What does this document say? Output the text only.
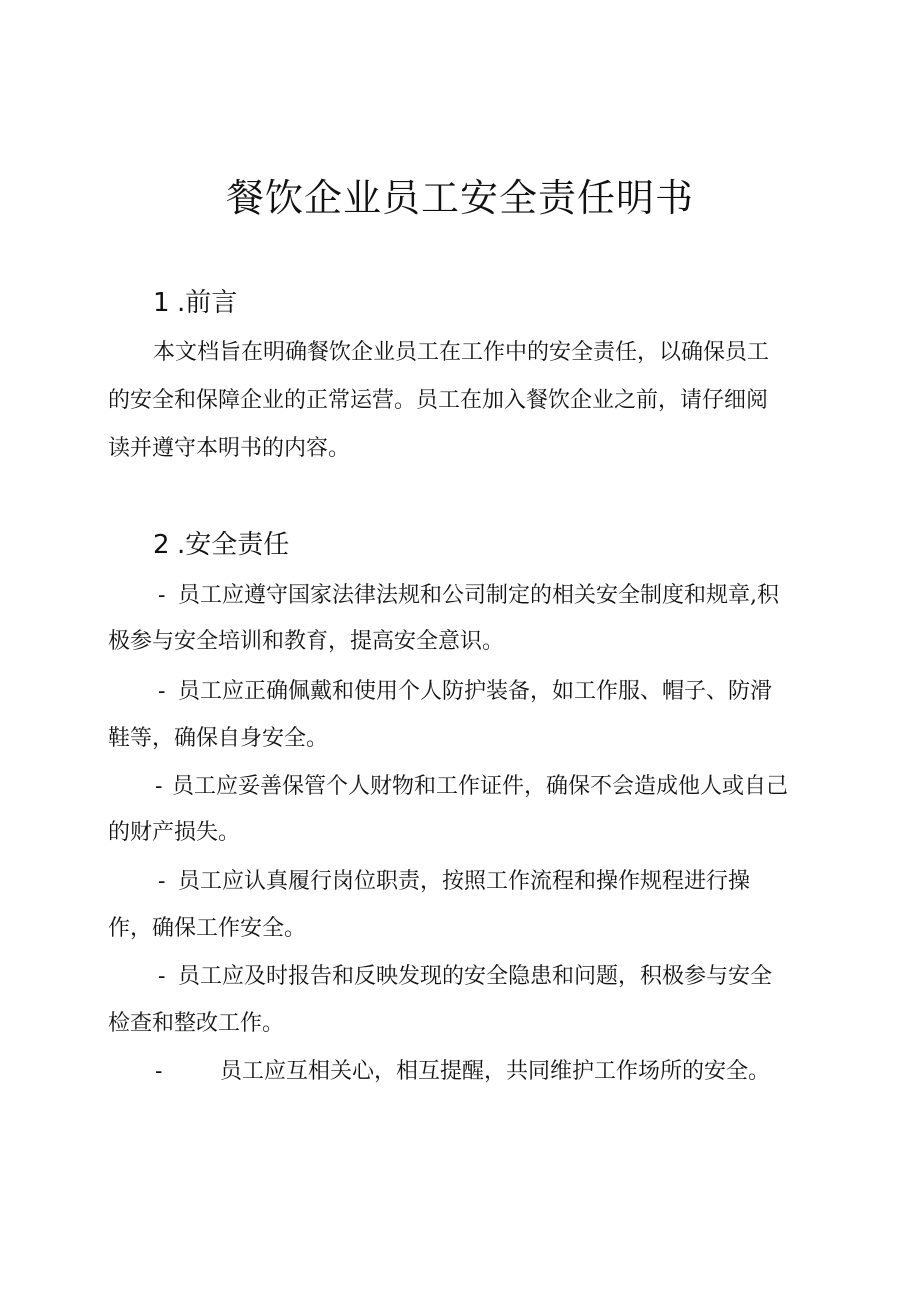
餐饮企业员工安全责任明书
1 .前言
本文档旨在明确餐饮企业员工在工作中的安全责任，以确保员工
的安全和保障企业的正常运营。员工在加入餐饮企业之前，请仔细阅
读并遵守本明书的内容。
2 .安全责任
- 员工应遵守国家法律法规和公司制定的相关安全制度和规章,积
极参与安全培训和教育，提高安全意识。
- 员工应正确佩戴和使用个人防护装备，如工作服、帽子、防滑
鞋等，确保自身安全。
- 员工应妥善保管个人财物和工作证件，确保不会造成他人或自己
的财产损失。
- 员工应认真履行岗位职责，按照工作流程和操作规程进行操
作，确保工作安全。
- 员工应及时报告和反映发现的安全隐患和问题，积极参与安全
检查和整改工作。
-	员工应互相关心，相互提醒，共同维护工作场所的安全。
